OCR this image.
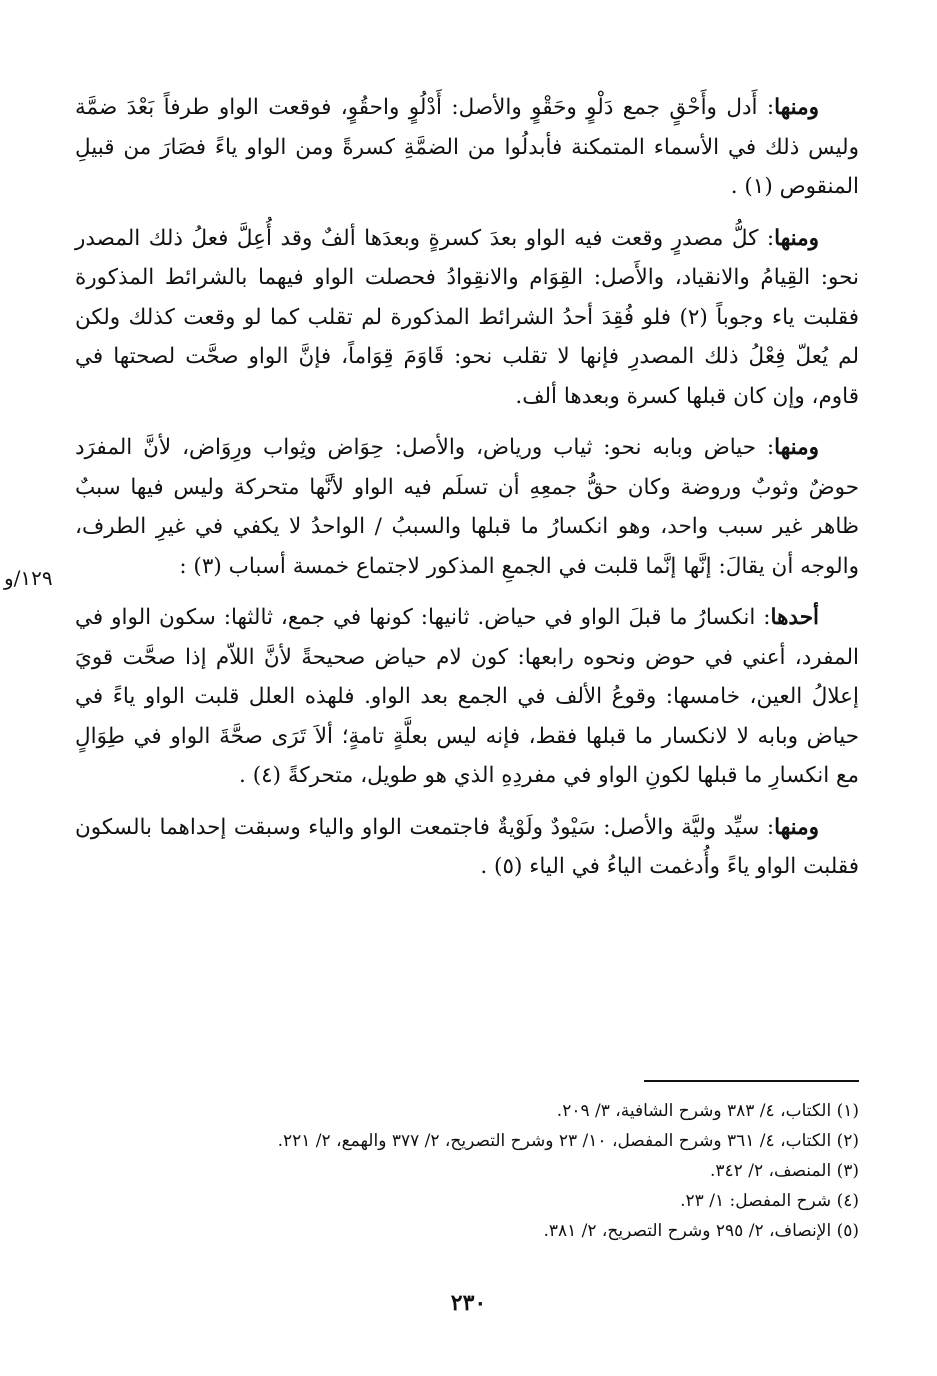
ومنها: أَدل وأَحْقٍ جمع دَلْوٍ وحَقْوٍ والأصل: أَدْلُوٍ واحقُوٍ، فوقعت الواو طرفاً بَعْدَ ضمَّة وليس ذلك في الأسماء المتمكنة فأبدلُوا من الضمَّةِ كسرةً ومن الواو ياءً فصَارَ من قبيلِ المنقوص (١) .

ومنها: كلُّ مصدرٍ وقعت فيه الواو بعدَ كسرةٍ وبعدَها ألفٌ وقد أُعِلَّ فعلُ ذلك المصدر نحو: القِيامُ والانقياد، والأَصل: القِوَام والانقِوادُ فحصلت الواو فيهما بالشرائط المذكورة فقلبت ياء وجوباً (٢) فلو فُقِدَ أحدُ الشرائط المذكورة لم تقلب كما لو وقعت كذلك ولكن لم يُعلّ فِعْلُ ذلك المصدرِ فإنها لا تقلب نحو: قَاوَمَ قِوَاماً، فإنَّ الواو صحَّت لصحتها في قاوم، وإن كان قبلها كسرة وبعدها ألف.

ومنها: حياض وبابه نحو: ثياب ورياض، والأصل: حِوَاض وثِواب ورِوَاض، لأنَّ المفرَد حوضٌ وثوبٌ وروضة وكان حقُّ جمعِهِ أن تسلَم فيه الواو لأنَّها متحركة وليس فيها سببٌ ظاهر غير سبب واحد، وهو انكسارُ ما قبلها والسببُ / الواحدُ لا يكفي في غيرِ الطرف، والوجه أن يقالَ: إنَّها إنَّما قلبت في الجمعِ المذكور لاجتماع خمسة أسباب (٣) :

أحدها: انكسارُ ما قبلَ الواو في حياض. ثانيها: كونها في جمع، ثالثها: سكون الواو في المفرد، أعني في حوض ونحوه رابعها: كون لام حياض صحيحةً لأنَّ اللاّم إذا صحَّت قويَ إعلالُ العين، خامسها: وقوعُ الألف في الجمع بعد الواو. فلهذه العلل قلبت الواو ياءً في حياض وبابه لا لانكسار ما قبلها فقط، فإنه ليس بعلَّةٍ تامةٍ؛ ألاَ تَرَى صحَّةَ الواو في طِوَالٍ مع انكسارِ ما قبلها لكونِ الواو في مفردِهِ الذي هو طويل، متحركةً (٤) .

ومنها: سيِّد وليَّة والأصل: سَيْودٌ ولَوْيةٌ فاجتمعت الواو والياء وسبقت إحداهما بالسكون فقلبت الواو ياءً وأُدغمت الياءُ في الياء (٥) .

١٢٩/و

(١) الكتاب، ٤/ ٣٨٣ وشرح الشافية، ٣/ ٢٠٩.

(٢) الكتاب، ٤/ ٣٦١ وشرح المفصل، ١٠/ ٢٣ وشرح التصريح، ٢/ ٣٧٧ والهمع، ٢/ ٢٢١.

(٣) المنصف، ٢/ ٣٤٢.

(٤) شرح المفصل: ١/ ٢٣.

(٥) الإنصاف، ٢/ ٢٩٥ وشرح التصريح، ٢/ ٣٨١.

٢٣٠
